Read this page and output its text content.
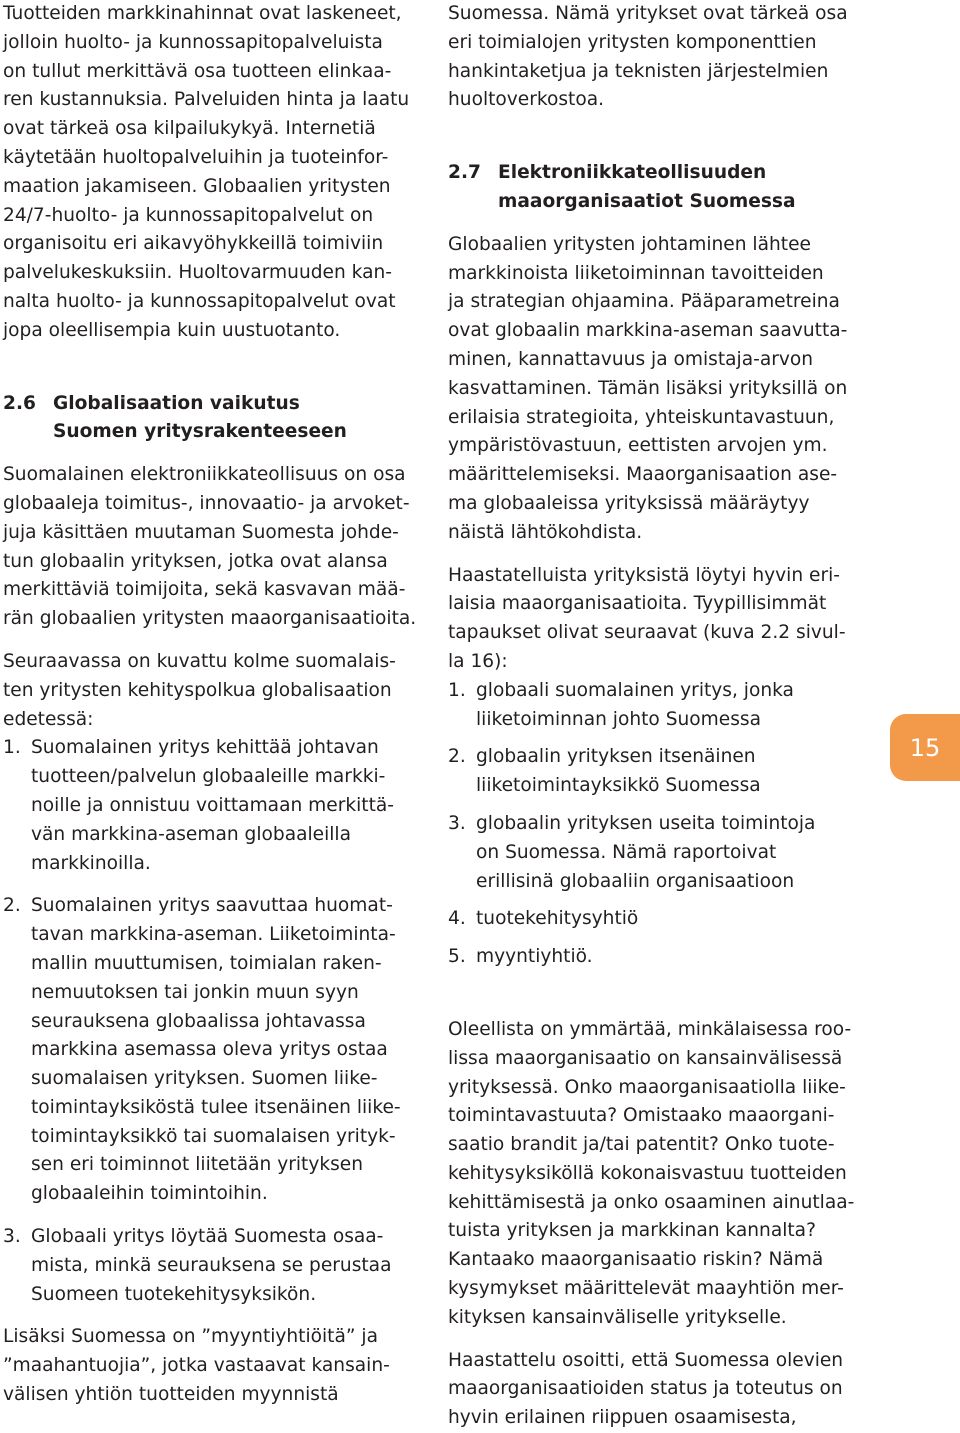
Tuotteiden markkinahinnat ovat laskeneet,
jolloin huolto- ja kunnossapitopalveluista
on tullut merkittävä osa tuotteen elinkaa-
ren kustannuksia. Palveluiden hinta ja laatu
ovat tärkeä osa kilpailukykyä. Internetiä
käytetään huoltopalveluihin ja tuoteinfor-
maation jakamiseen. Globaalien yritysten
24/7-huolto- ja kunnossapitopalvelut on
organisoitu eri aikavyöhykkeillä toimiviin
palvelukeskuksiin. Huoltovarmuuden kan-
nalta huolto- ja kunnossapitopalvelut ovat
jopa oleellisempia kuin uustuotanto.
2.6 Globalisaation vaikutus
Suomen yritysrakenteeseen
Suomalainen elektroniikkateollisuus on osa
globaaleja toimitus-, innovaatio- ja arvoket-
juja käsittäen muutaman Suomesta johde-
tun globaalin yrityksen, jotka ovat alansa
merkittäviä toimijoita, sekä kasvavan mää-
rän globaalien yritysten maaorganisaatioita.
Seuraavassa on kuvattu kolme suomalais-
ten yritysten kehityspolkua globalisaation
edetessä:
1. Suomalainen yritys kehittää johtavan
tuotteen/palvelun globaaleille markki-
noille ja onnistuu voittamaan merkittä-
vän markkina-aseman globaaleilla
markkinoilla.
2. Suomalainen yritys saavuttaa huomat-
tavan markkina-aseman. Liiketoiminta-
mallin muuttumisen, toimialan raken-
nemuutoksen tai jonkin muun syyn
seurauksena globaalissa johtavassa
markkina asemassa oleva yritys ostaa
suomalaisen yrityksen. Suomen liike-
toimintayksiköstä tulee itsenäinen liike-
toimintayksikkö tai suomalaisen yrityk-
sen eri toiminnot liitetään yrityksen
globaaleihin toimintoihin.
3. Globaali yritys löytää Suomesta osaa-
mista, minkä seurauksena se perustaa
Suomeen tuotekehitysyksikön.
Lisäksi Suomessa on ”myyntiyhtiöitä” ja
”maahantuojia”, jotka vastaavat kansain-
välisen yhtiön tuotteiden myynnistä
Suomessa. Nämä yritykset ovat tärkeä osa
eri toimialojen yritysten komponenttien
hankintaketjua ja teknisten järjestelmien
huoltoverkostoa.
2.7 Elektroniikkateollisuuden
maaorganisaatiot Suomessa
Globaalien yritysten johtaminen lähtee
markkinoista liiketoiminnan tavoitteiden
ja strategian ohjaamina. Pääparametreina
ovat globaalin markkina-aseman saavutta-
minen, kannattavuus ja omistaja-arvon
kasvattaminen. Tämän lisäksi yrityksillä on
erilaisia strategioita, yhteiskuntavastuun,
ympäristövastuun, eettisten arvojen ym.
määrittelemiseksi. Maaorganisaation ase-
ma globaaleissa yrityksissä määräytyy
näistä lähtökohdista.
Haastatelluista yrityksistä löytyi hyvin eri-
laisia maaorganisaatioita. Tyypillisimmät
tapaukset olivat seuraavat (kuva 2.2 sivul-
la 16):
1. globaali suomalainen yritys, jonka
liiketoiminnan johto Suomessa
2. globaalin yrityksen itsenäinen
liiketoimintayksikkö Suomessa
3. globaalin yrityksen useita toimintoja
on Suomessa. Nämä raportoivat
erillisinä globaaliin organisaatioon
4. tuotekehitysyhtiö
5. myyntiyhtiö.
Oleellista on ymmärtää, minkälaisessa roo-
lissa maaorganisaatio on kansainvälisessä
yrityksessä. Onko maaorganisaatiolla liike-
toimintavastuuta? Omistaako maaorgani-
saatio brandit ja/tai patentit? Onko tuote-
kehitysyksiköllä kokonaisvastuu tuotteiden
kehittämisestä ja onko osaaminen ainutlaa-
tuista yrityksen ja markkinan kannalta?
Kantaako maaorganisaatio riskin? Nämä
kysymykset määrittelevät maayhtiön mer-
kityksen kansainväliselle yritykselle.
Haastattelu osoitti, että Suomessa olevien
maaorganisaatioiden status ja toteutus on
hyvin erilainen riippuen osaamisesta,
15
